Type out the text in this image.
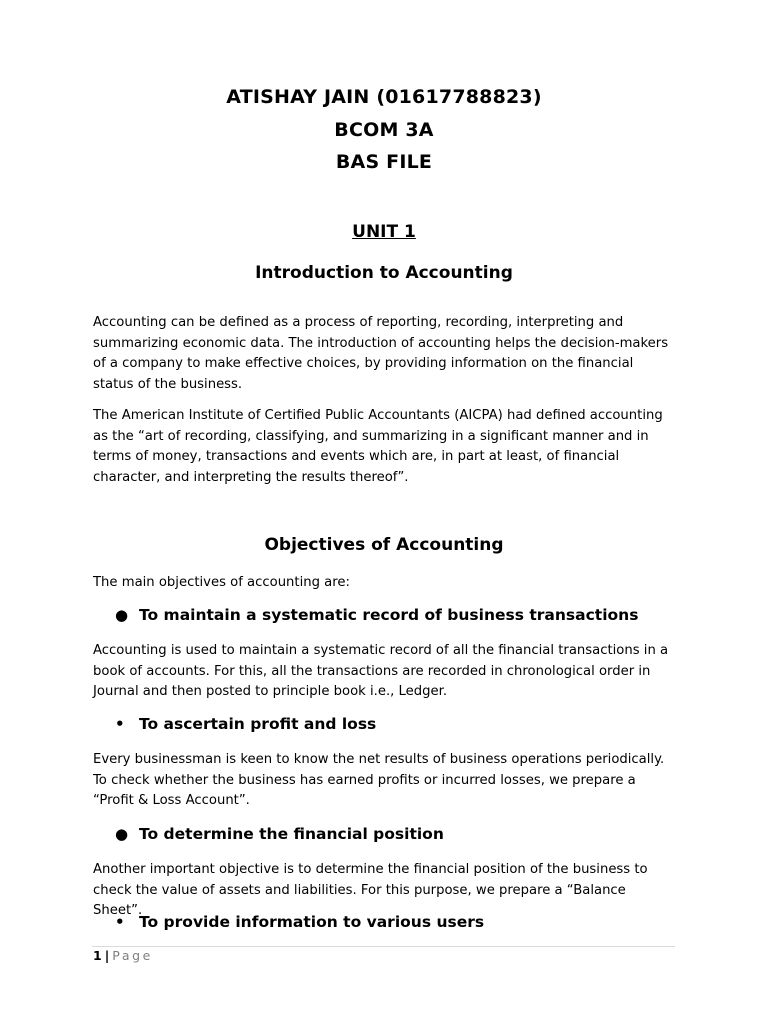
ATISHAY JAIN (01617788823)
BCOM 3A
BAS FILE
UNIT 1
Introduction to Accounting
Accounting can be defined as a process of reporting, recording, interpreting and summarizing economic data. The introduction of accounting helps the decision-makers of a company to make effective choices, by providing information on the financial status of the business.
The American Institute of Certified Public Accountants (AICPA) had defined accounting as the “art of recording, classifying, and summarizing in a significant manner and in terms of money, transactions and events which are, in part at least, of financial character, and interpreting the results thereof”.
Objectives of Accounting
The main objectives of accounting are:
● To maintain a systematic record of business transactions
Accounting is used to maintain a systematic record of all the financial transactions in a book of accounts. For this, all the transactions are recorded in chronological order in Journal and then posted to principle book i.e., Ledger.
• To ascertain profit and loss
Every businessman is keen to know the net results of business operations periodically. To check whether the business has earned profits or incurred losses, we prepare a “Profit & Loss Account”.
● To determine the financial position
Another important objective is to determine the financial position of the business to check the value of assets and liabilities. For this purpose, we prepare a “Balance Sheet”.
• To provide information to various users
1 | Page
